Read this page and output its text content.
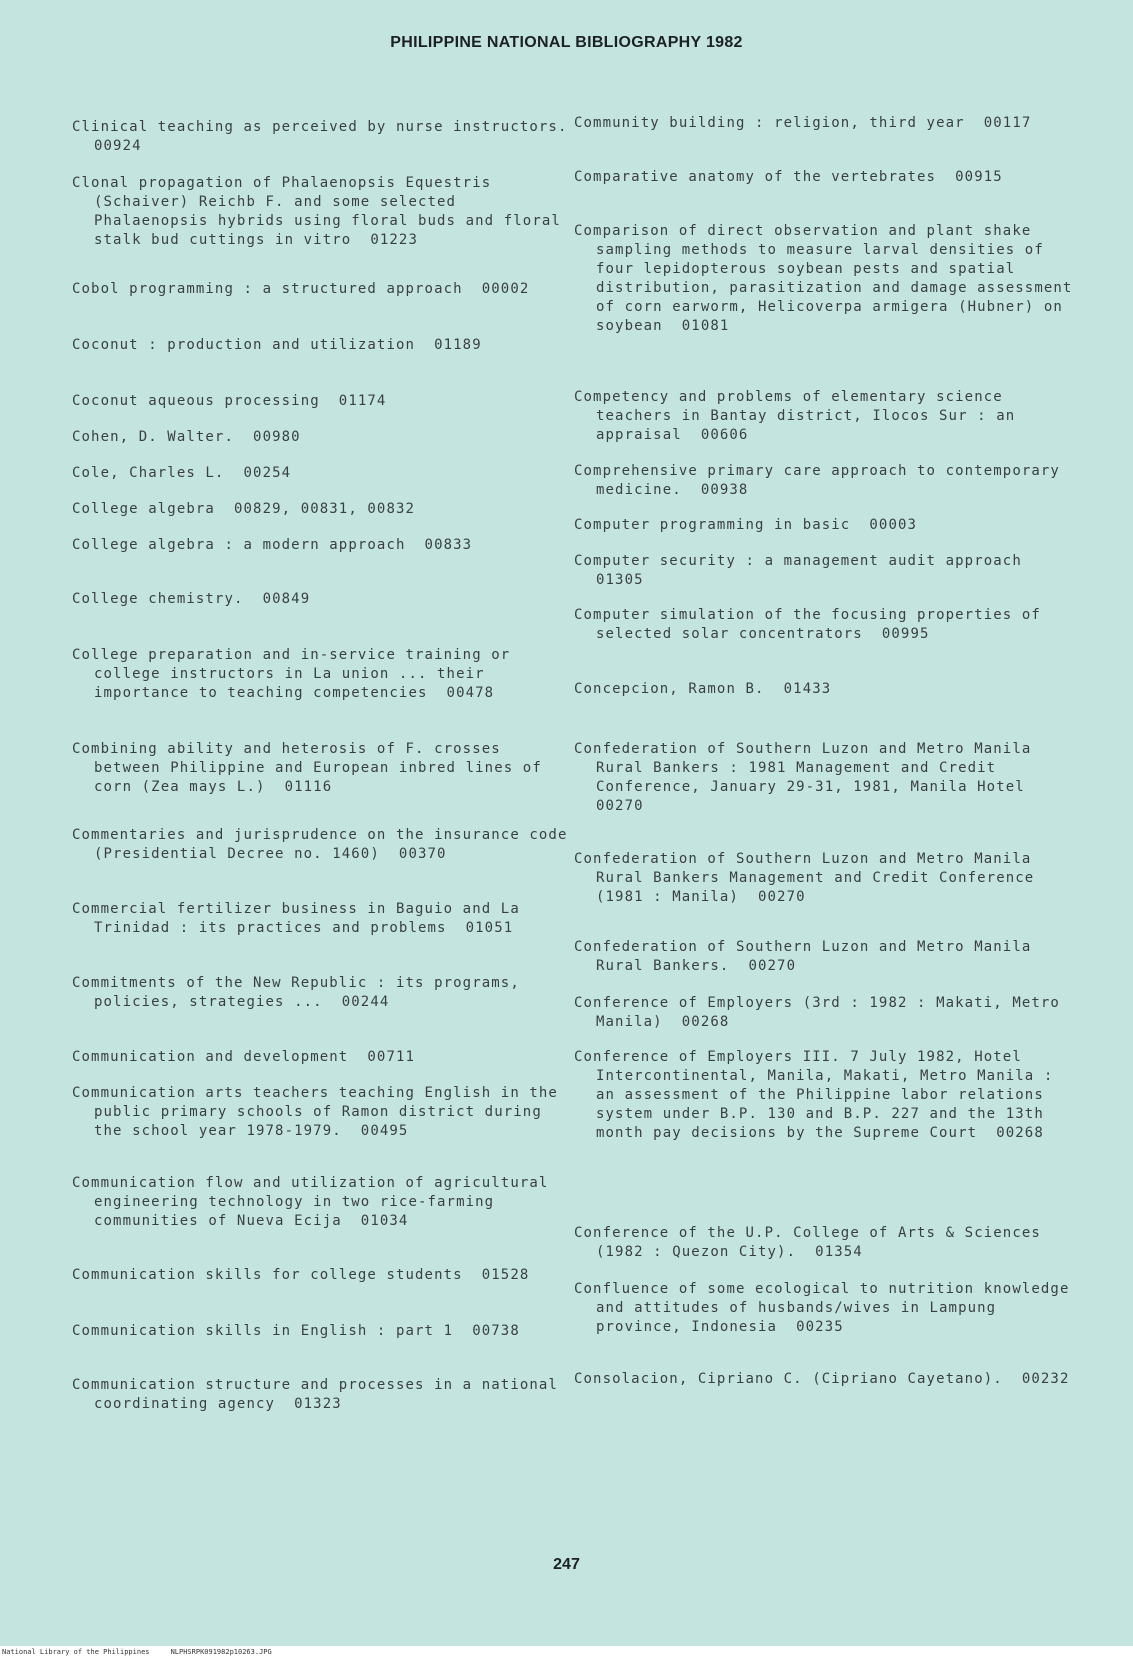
PHILIPPINE NATIONAL BIBLIOGRAPHY 1982
Clinical teaching as perceived by nurse instructors. 00924
Clonal propagation of Phalaenopsis Equestris (Schaiver) Reichb F. and some selected Phalaenopsis hybrids using floral buds and floral stalk bud cuttings in vitro  01223
Cobol programming : a structured approach  00002
Coconut : production and utilization  01189
Coconut aqueous processing  01174
Cohen, D. Walter.  00980
Cole, Charles L.  00254
College algebra  00829, 00831, 00832
College algebra : a modern approach  00833
College chemistry.  00849
College preparation and in-service training or college instructors in La union ... their importance to teaching competencies  00478
Combining ability and heterosis of F. crosses between Philippine and European inbred lines of corn (Zea mays L.)  01116
Commentaries and jurisprudence on the insurance code (Presidential Decree no. 1460)  00370
Commercial fertilizer business in Baguio and La Trinidad : its practices and problems  01051
Commitments of the New Republic : its programs, policies, strategies ...  00244
Communication and development  00711
Communication arts teachers teaching English in the public primary schools of Ramon district during the school year 1978-1979.  00495
Communication flow and utilization of agricultural engineering technology in two rice-farming communities of Nueva Ecija  01034
Communication skills for college students  01528
Communication skills in English : part 1  00738
Communication structure and processes in a national coordinating agency  01323
Community building : religion, third year  00117
Comparative anatomy of the vertebrates  00915
Comparison of direct observation and plant shake sampling methods to measure larval densities of four lepidopterous soybean pests and spatial distribution, parasitization and damage assessment of corn earworm, Helicoverpa armigera (Hubner) on soybean  01081
Competency and problems of elementary science teachers in Bantay district, Ilocos Sur : an appraisal  00606
Comprehensive primary care approach to contemporary medicine.  00938
Computer programming in basic  00003
Computer security : a management audit approach  01305
Computer simulation of the focusing properties of selected solar concentrators  00995
Concepcion, Ramon B.  01433
Confederation of Southern Luzon and Metro Manila Rural Bankers : 1981 Management and Credit Conference, January 29-31, 1981, Manila Hotel  00270
Confederation of Southern Luzon and Metro Manila Rural Bankers Management and Credit Conference (1981 : Manila)  00270
Confederation of Southern Luzon and Metro Manila Rural Bankers.  00270
Conference of Employers (3rd : 1982 : Makati, Metro Manila)  00268
Conference of Employers III. 7 July 1982, Hotel Intercontinental, Manila, Makati, Metro Manila : an assessment of the Philippine labor relations system under B.P. 130 and B.P. 227 and the 13th month pay decisions by the Supreme Court  00268
Conference of the U.P. College of Arts & Sciences (1982 : Quezon City).  01354
Confluence of some ecological to nutrition knowledge and attitudes of husbands/wives in Lampung province, Indonesia  00235
Consolacion, Cipriano C. (Cipriano Cayetano).  00232
247
National Library of the Philippines     NLPHSRPK091982p10263.JPG
